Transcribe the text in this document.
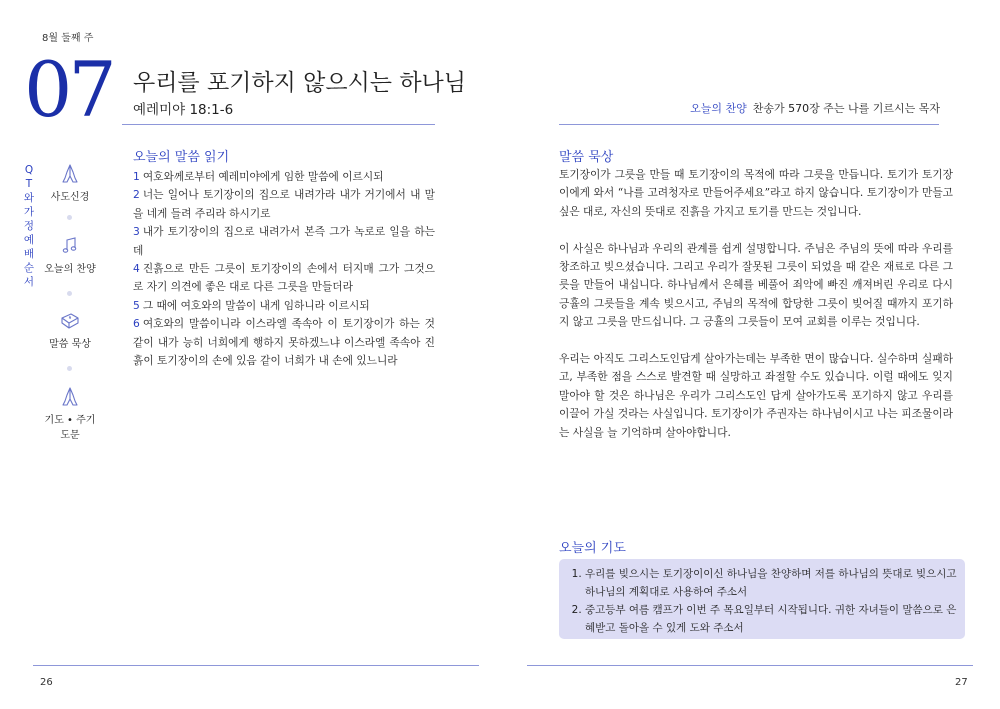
8월 둘째 주
07 우리를 포기하지 않으시는 하나님
예레미야 18:1-6	오늘의 찬양 찬송가 570장 주는 나를 기르시는 목자
QT와 가정예배 순서
사도신경
오늘의 찬양
말씀 묵상
기도 • 주기도문
오늘의 말씀 읽기
1 여호와께로부터 예레미야에게 임한 말씀에 이르시되
2 너는 일어나 토기장이의 집으로 내려가라 내가 거기에서 내 말을 네게 들려 주리라 하시기로
3 내가 토기장이의 집으로 내려가서 본즉 그가 녹로로 일을 하는데
4 진흙으로 만든 그릇이 토기장이의 손에서 터지매 그가 그것으로 자기 의견에 좋은 대로 다른 그릇을 만들더라
5 그 때에 여호와의 말씀이 내게 임하니라 이르시되
6 여호와의 말씀이니라 이스라엘 족속아 이 토기장이가 하는 것 같이 내가 능히 너희에게 행하지 못하겠느냐 이스라엘 족속아 진흙이 토기장이의 손에 있음 같이 너희가 내 손에 있느니라
말씀 묵상

토기장이가 그릇을 만들 때 토기장이의 목적에 따라 그릇을 만듭니다. 토기가 토기장이에게 와서 “나를 고려청자로 만들어주세요”라고 하지 않습니다. 토기장이가 만들고 싶은 대로, 자신의 뜻대로 진흙을 가지고 토기를 만드는 것입니다.

이 사실은 하나님과 우리의 관계를 쉽게 설명합니다. 주님은 주님의 뜻에 따라 우리를 창조하고 빚으셨습니다. 그리고 우리가 잘못된 그릇이 되었을 때 같은 재료로 다른 그릇을 만들어 내십니다. 하나님께서 은혜를 베풀어 죄악에 빠진 깨져버린 우리로 다시 긍휼의 그릇들을 계속 빚으시고, 주님의 목적에 합당한 그릇이 빚어질 때까지 포기하지 않고 그릇을 만드십니다. 그 긍휼의 그릇들이 모여 교회를 이루는 것입니다.

우리는 아직도 그리스도인답게 살아가는데는 부족한 면이 많습니다. 실수하며 실패하고, 부족한 점을 스스로 발견할 때 실망하고 좌절할 수도 있습니다. 이럴 때에도 잊지 말아야 할 것은 하나님은 우리가 그리스도인 답게 살아가도록 포기하지 않고 우리를 이끌어 가실 것라는 사실입니다. 토기장이가 주권자는 하나님이시고 나는 피조물이라는 사실을 늘 기억하며 살아야합니다.

오늘의 기도
1. 우리를 빚으시는 토기장이이신 하나님을 찬양하며 저를 하나님의 뜻대로 빚으시고 하나님의 계획대로 사용하여 주소서
2. 중고등부 여름 캠프가 이번 주 목요일부터 시작됩니다. 귀한 자녀들이 말씀으로 은혜받고 돌아올 수 있게 도와 주소서
26	27
